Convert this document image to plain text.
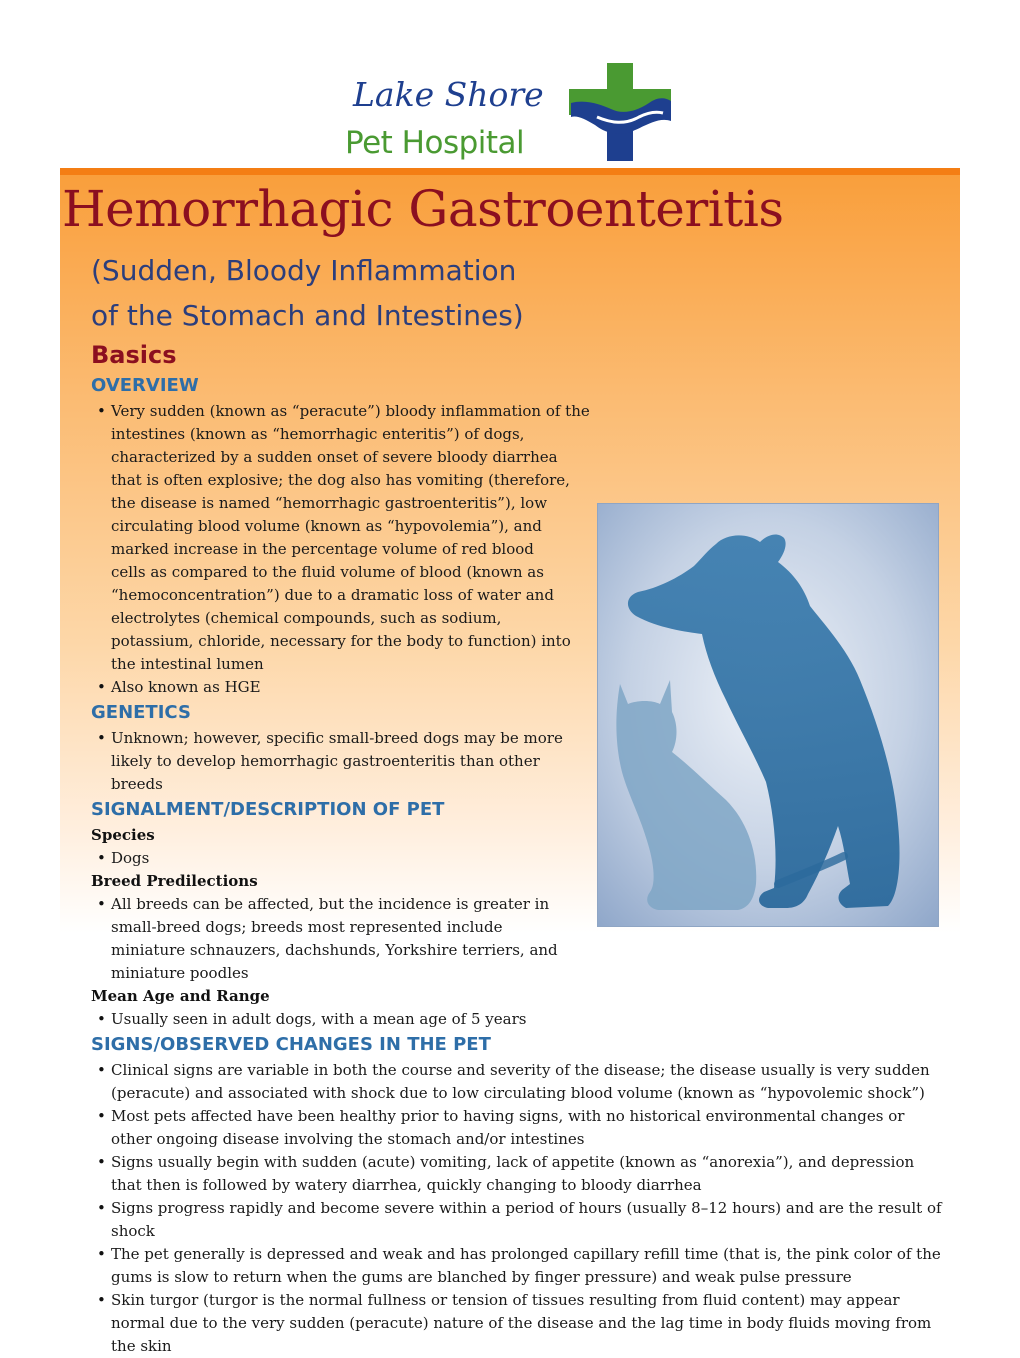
Lake Shore
Pet Hospital
Hemorrhagic Gastroenteritis
(Sudden, Bloody Inflammation
of the Stomach and Intestines)
Basics
OVERVIEW
• Very sudden (known as “peracute”) bloody inflammation of the intestines (known as “hemorrhagic enteritis”) of dogs, characterized by a sudden onset of severe bloody diarrhea that is often explosive; the dog also has vomiting (therefore, the disease is named “hemorrhagic gastroenteritis”), low circulating blood volume (known as “hypovolemia”), and marked increase in the percentage volume of red blood cells as compared to the fluid volume of blood (known as “hemoconcentration”) due to a dramatic loss of water and electrolytes (chemical compounds, such as sodium, potassium, chloride, necessary for the body to function) into the intestinal lumen
• Also known as HGE
GENETICS
• Unknown; however, specific small-breed dogs may be more likely to develop hemorrhagic gastroenteritis than other breeds
SIGNALMENT/DESCRIPTION OF PET

Species

• Dogs

Breed Predilections

• All breeds can be affected, but the incidence is greater in small-breed dogs; breeds most represented include miniature schnauzers, dachshunds, Yorkshire terriers, and miniature poodles

Mean Age and Range

• Usually seen in adult dogs, with a mean age of 5 years
SIGNS/OBSERVED CHANGES IN THE PET
• Clinical signs are variable in both the course and severity of the disease; the disease usually is very sudden (peracute) and associated with shock due to low circulating blood volume (known as “hypovolemic shock”)
• Most pets affected have been healthy prior to having signs, with no historical environmental changes or other ongoing disease involving the stomach and/or intestines
• Signs usually begin with sudden (acute) vomiting, lack of appetite (known as “anorexia”), and depression that then is followed by watery diarrhea, quickly changing to bloody diarrhea
• Signs progress rapidly and become severe within a period of hours (usually 8–12 hours) and are the result of shock
• The pet generally is depressed and weak and has prolonged capillary refill time (that is, the pink color of the gums is slow to return when the gums are blanched by finger pressure) and weak pulse pressure
• Skin turgor (turgor is the normal fullness or tension of tissues resulting from fluid content) may appear normal due to the very sudden (peracute) nature of the disease and the lag time in body fluids moving from the skin
